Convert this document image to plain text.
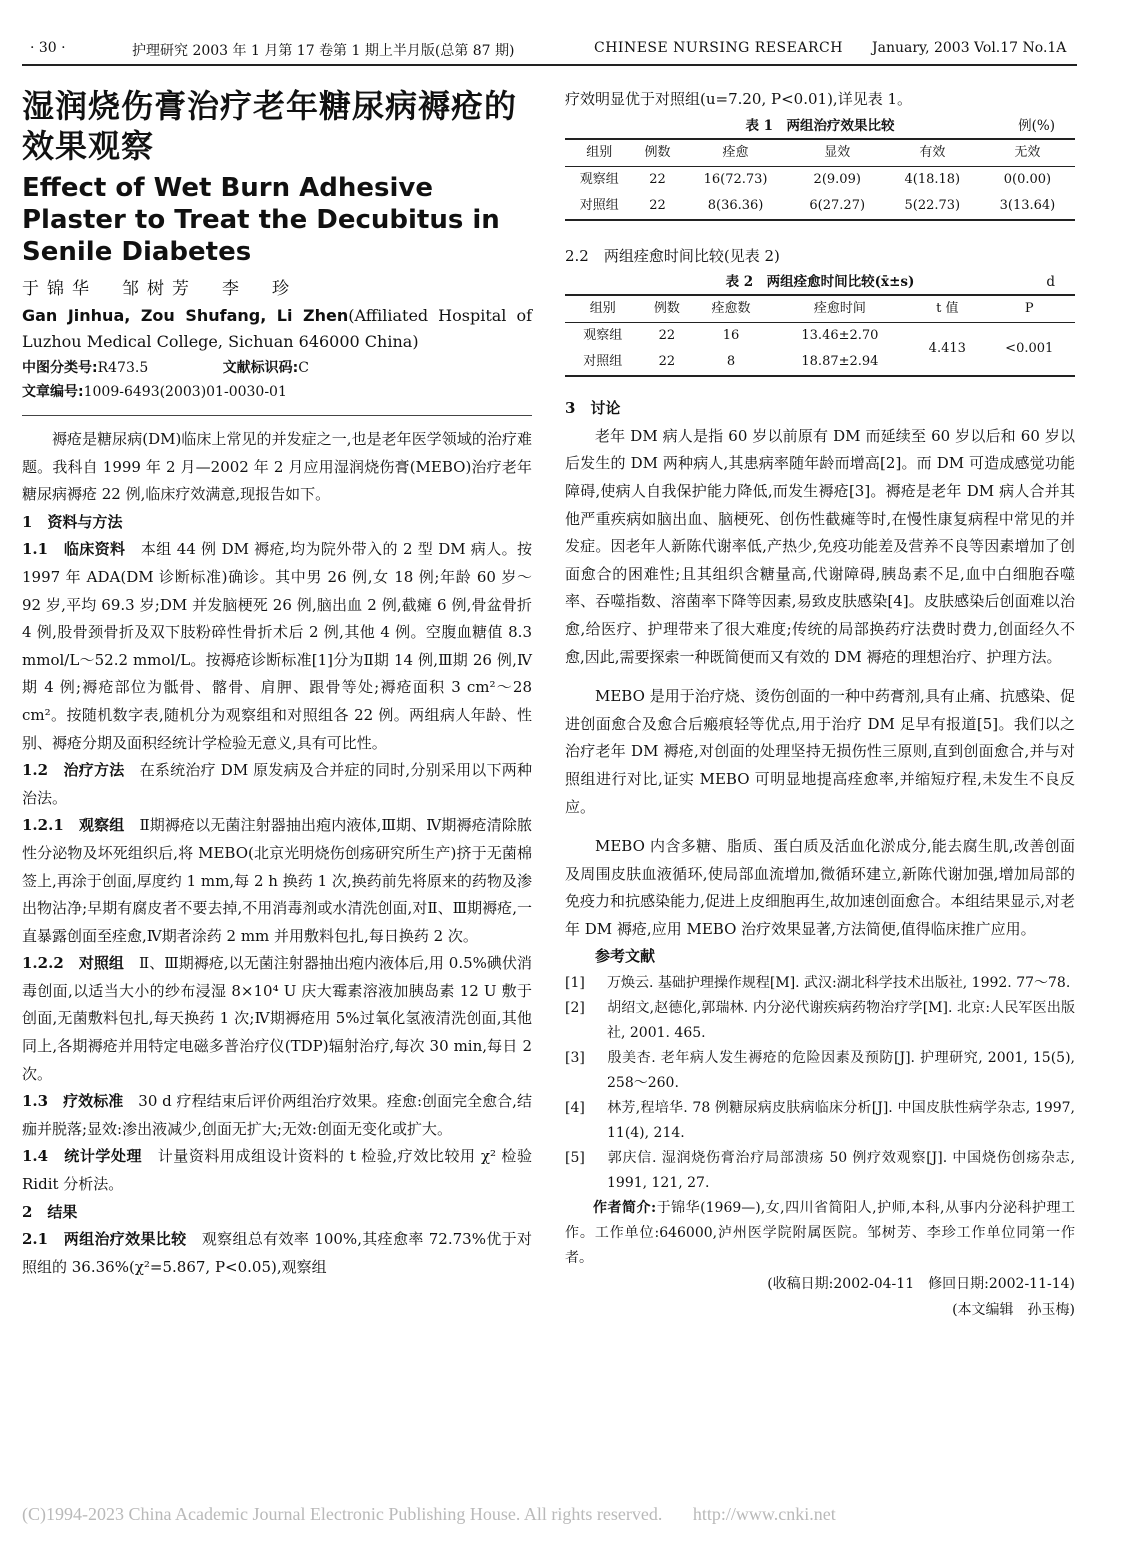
· 30 ·	护理研究 2003 年 1 月第 17 卷第 1 期上半月版(总第 87 期)	CHINESE NURSING RESEARCH January, 2003 Vol.17 No.1A
湿润烧伤膏治疗老年糖尿病褥疮的效果观察
Effect of Wet Burn Adhesive Plaster to Treat the Decubitus in Senile Diabetes
于锦华　邹树芳　李　珍

Gan Jinhua, Zou Shufang, Li Zhen(Affiliated Hospital of Luzhou Medical College, Sichuan 646000 China)

中图分类号:R473.5	文献标识码:C
文章编号:1009-6493(2003)01-0030-01

褥疮是糖尿病(DM)临床上常见的并发症之一,也是老年医学领域的治疗难题。我科自 1999 年 2 月—2002 年 2 月应用湿润烧伤膏(MEBO)治疗老年糖尿病褥疮 22 例,临床疗效满意,现报告如下。

1　资料与方法

1.1　临床资料　 本组 44 例 DM 褥疮,均为院外带入的 2 型 DM 病人。按 1997 年 ADA(DM 诊断标准)确诊。其中男 26 例,女 18 例;年龄 60 岁～92 岁,平均 69.3 岁;DM 并发脑梗死 26 例,脑出血 2 例,截瘫 6 例,骨盆骨折 4 例,股骨颈骨折及双下肢粉碎性骨折术后 2 例,其他 4 例。空腹血糖值 8.3 mmol/L～52.2 mmol/L。按褥疮诊断标准[1]分为Ⅱ期 14 例,Ⅲ期 26 例,Ⅳ期 4 例;褥疮部位为骶骨、髂骨、肩胛、跟骨等处;褥疮面积 3 cm²～28 cm²。按随机数字表,随机分为观察组和对照组各 22 例。两组病人年龄、性别、褥疮分期及面积经统计学检验无意义,具有可比性。

1.2　治疗方法　 在系统治疗 DM 原发病及合并症的同时,分别采用以下两种治法。

1.2.1　观察组　 Ⅱ期褥疮以无菌注射器抽出疱内液体,Ⅲ期、Ⅳ期褥疮清除脓性分泌物及坏死组织后,将 MEBO(北京光明烧伤创疡研究所生产)挤于无菌棉签上,再涂于创面,厚度约 1 mm,每 2 h 换药 1 次,换药前先将原来的药物及渗出物沾净;早期有腐皮者不要去掉,不用消毒剂或水清洗创面,对Ⅱ、Ⅲ期褥疮,一直暴露创面至痊愈,Ⅳ期者涂药 2 mm 并用敷料包扎,每日换药 2 次。

1.2.2　对照组　 Ⅱ、Ⅲ期褥疮,以无菌注射器抽出疱内液体后,用 0.5%碘伏消毒创面,以适当大小的纱布浸湿 8×10⁴ U 庆大霉素溶液加胰岛素 12 U 敷于创面,无菌敷料包扎,每天换药 1 次;Ⅳ期褥疮用 5%过氧化氢液清洗创面,其他同上,各期褥疮并用特定电磁多普治疗仪(TDP)辐射治疗,每次 30 min,每日 2 次。

1.3　疗效标准　 30 d 疗程结束后评价两组治疗效果。痊愈:创面完全愈合,结痂并脱落;显效:渗出液减少,创面无扩大;无效:创面无变化或扩大。

1.4　统计学处理　 计量资料用成组设计资料的 t 检验,疗效比较用 χ² 检验 Ridit 分析法。

2　结果

2.1　两组治疗效果比较　 观察组总有效率 100%,其痊愈率 72.73%优于对照组的 36.36%(χ²=5.867, P<0.05),观察组

疗效明显优于对照组(u=7.20, P<0.01),详见表 1。

表 1　两组治疗效果比较	例(%)
组别	例数	痊愈	显效	有效	无效
观察组	22	16(72.73)	2(9.09)	4(18.18)	0(0.00)
对照组	22	8(36.36)	6(27.27)	5(22.73)	3(13.64)

2.2　两组痊愈时间比较(见表 2)

表 2　两组痊愈时间比较(x̄±s)	d
组别	例数	痊愈数	痊愈时间	t 值	P
观察组	22	16	13.46±2.70	4.413	<0.001
对照组	22	8	18.87±2.94		
3　讨论

老年 DM 病人是指 60 岁以前原有 DM 而延续至 60 岁以后和 60 岁以后发生的 DM 两种病人,其患病率随年龄而增高[2]。而 DM 可造成感觉功能障碍,使病人自我保护能力降低,而发生褥疮[3]。褥疮是老年 DM 病人合并其他严重疾病如脑出血、脑梗死、创伤性截瘫等时,在慢性康复病程中常见的并发症。因老年人新陈代谢率低,产热少,免疫功能差及营养不良等因素增加了创面愈合的困难性;且其组织含糖量高,代谢障碍,胰岛素不足,血中白细胞吞噬率、吞噬指数、溶菌率下降等因素,易致皮肤感染[4]。皮肤感染后创面难以治愈,给医疗、护理带来了很大难度;传统的局部换药疗法费时费力,创面经久不愈,因此,需要探索一种既简便而又有效的 DM 褥疮的理想治疗、护理方法。

MEBO 是用于治疗烧、烫伤创面的一种中药膏剂,具有止痛、抗感染、促进创面愈合及愈合后瘢痕轻等优点,用于治疗 DM 足早有报道[5]。我们以之治疗老年 DM 褥疮,对创面的处理坚持无损伤性三原则,直到创面愈合,并与对照组进行对比,证实 MEBO 可明显地提高痊愈率,并缩短疗程,未发生不良反应。

MEBO 内含多糖、脂质、蛋白质及活血化淤成分,能去腐生肌,改善创面及周围皮肤血液循环,使局部血流增加,微循环建立,新陈代谢加强,增加局部的免疫力和抗感染能力,促进上皮细胞再生,故加速创面愈合。本组结果显示,对老年 DM 褥疮,应用 MEBO 治疗效果显著,方法简便,值得临床推广应用。

参考文献

[1] 万焕云. 基础护理操作规程[M]. 武汉:湖北科学技术出版社, 1992. 77～78.

[2] 胡绍文,赵德化,郭瑞林. 内分泌代谢疾病药物治疗学[M]. 北京:人民军医出版社, 2001. 465.

[3] 殷美杏. 老年病人发生褥疮的危险因素及预防[J]. 护理研究, 2001, 15(5), 258～260.

[4] 林芳,程培华. 78 例糖尿病皮肤病临床分析[J]. 中国皮肤性病学杂志, 1997, 11(4), 214.

[5] 郭庆信. 湿润烧伤膏治疗局部溃疡 50 例疗效观察[J]. 中国烧伤创疡杂志, 1991, 121, 27.

作者简介:于锦华(1969—),女,四川省简阳人,护师,本科,从事内分泌科护理工作。工作单位:646000,泸州医学院附属医院。邹树芳、李珍工作单位同第一作者。

(收稿日期:2002-04-11　修回日期:2002-11-14)
(本文编辑　孙玉梅)
(C)1994-2023 China Academic Journal Electronic Publishing House. All rights reserved. http://www.cnki.net
